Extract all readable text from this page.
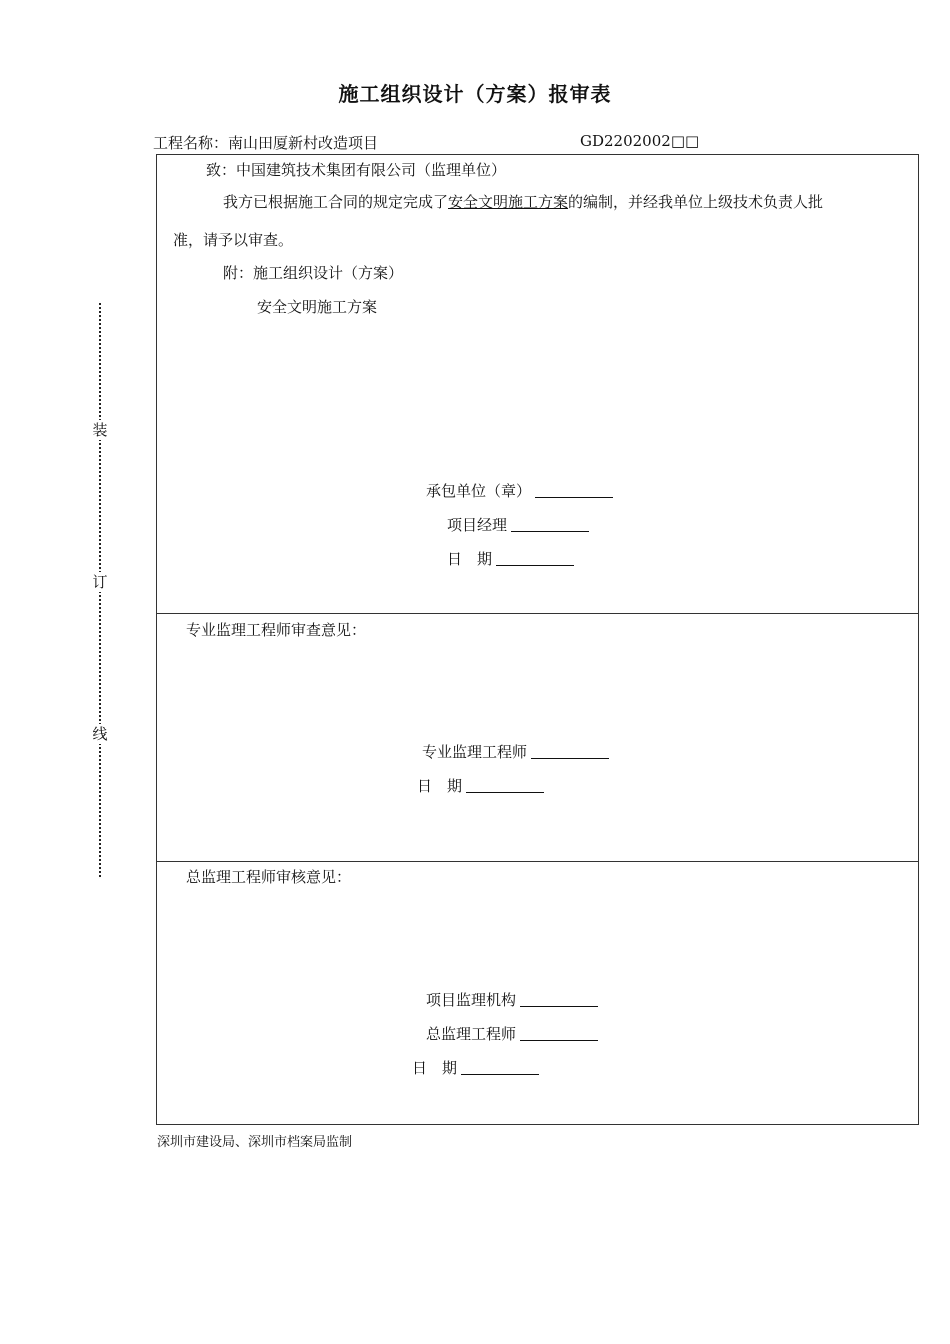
施工组织设计（方案）报审表
工程名称：南山田厦新村改造项目	GD2202002□□
装
订
线
致：中国建筑技术集团有限公司（监理单位）
我方已根据施工合同的规定完成了安全文明施工方案的编制，并经我单位上级技术负责人批
准，请予以审查。
附：施工组织设计（方案）
安全文明施工方案
承包单位（章）
项目经理
日　期
专业监理工程师审查意见：
专业监理工程师
日　期
总监理工程师审核意见：
项目监理机构
总监理工程师
日　期
深圳市建设局、深圳市档案局监制
